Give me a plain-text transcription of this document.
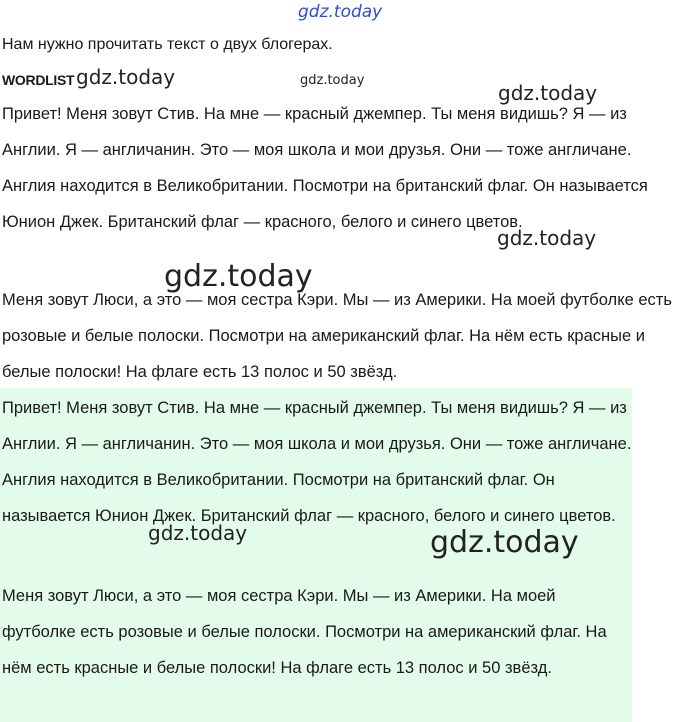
gdz.today
Нам нужно прочитать текст о двух блогерах.
WORDLIST gdz.today	gdz.today

Привет! Меня зовут Стив. На мне — красный джемпер. Ты меня видишь? Я — из Англии. Я — англичанин. Это — моя школа и мои друзья. Они — тоже англичане. Англия находится в Великобритании. Посмотри на британский флаг. Он называется Юнион Джек. Британский флаг — красного, белого и синего цветов.

gdz.today
gdz.today
gdz.today

Меня зовут Люси, а это — моя сестра Кэри. Мы — из Америки. На моей футболке есть розовые и белые полоски. Посмотри на американский флаг. На нём есть красные и белые полоски! На флаге есть 13 полос и 50 звёзд.

Привет! Меня зовут Стив. На мне — красный джемпер. Ты меня видишь? Я — из Англии. Я — англичанин. Это — моя школа и мои друзья. Они — тоже англичане. Англия находится в Великобритании. Посмотри на британский флаг. Он называется Юнион Джек. Британский флаг — красного, белого и синего цветов.

gdz.today	gdz.today

Меня зовут Люси, а это — моя сестра Кэри. Мы — из Америки. На моей футболке есть розовые и белые полоски. Посмотри на американский флаг. На нём есть красные и белые полоски! На флаге есть 13 полос и 50 звёзд.
